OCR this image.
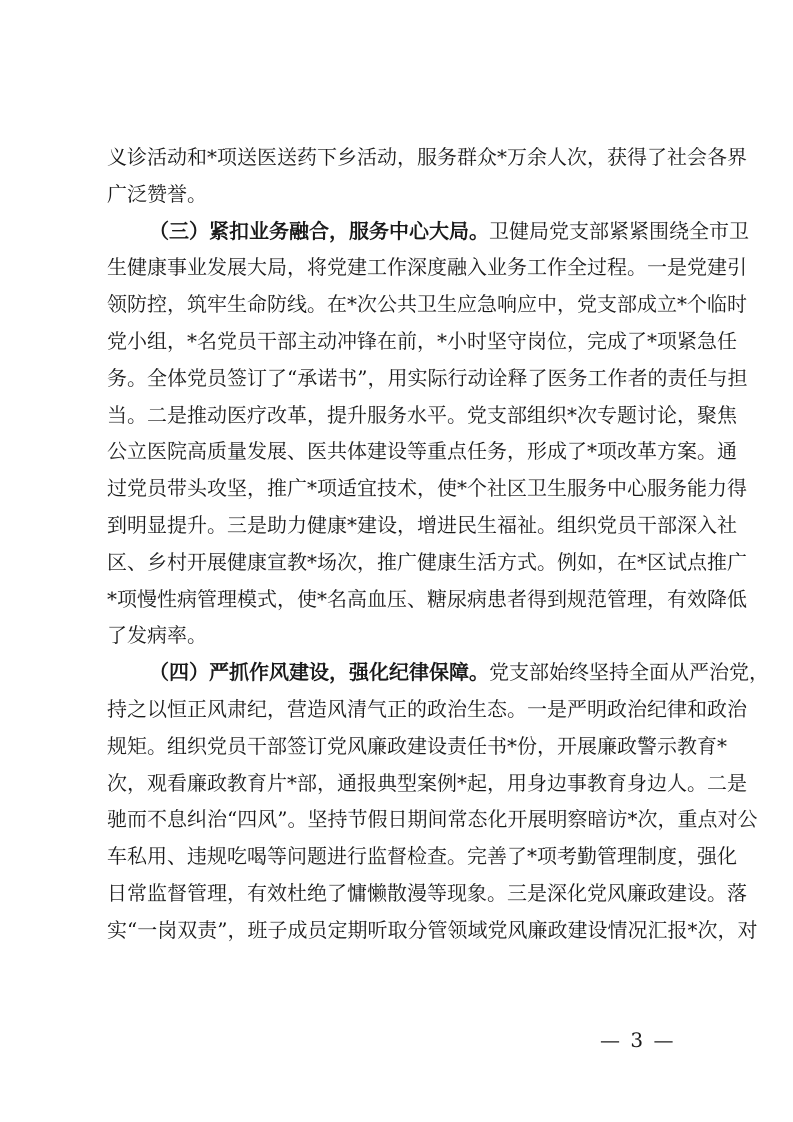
义诊活动和*项送医送药下乡活动，服务群众*万余人次，获得了社会各界
广泛赞誉。
（三）紧扣业务融合，服务中心大局。卫健局党支部紧紧围绕全市卫
生健康事业发展大局，将党建工作深度融入业务工作全过程。一是党建引
领防控，筑牢生命防线。在*次公共卫生应急响应中，党支部成立*个临时
党小组，*名党员干部主动冲锋在前，*小时坚守岗位，完成了*项紧急任
务。全体党员签订了“承诺书”，用实际行动诠释了医务工作者的责任与担
当。二是推动医疗改革，提升服务水平。党支部组织*次专题讨论，聚焦
公立医院高质量发展、医共体建设等重点任务，形成了*项改革方案。通
过党员带头攻坚，推广*项适宜技术，使*个社区卫生服务中心服务能力得
到明显提升。三是助力健康*建设，增进民生福祉。组织党员干部深入社
区、乡村开展健康宣教*场次，推广健康生活方式。例如，在*区试点推广
*项慢性病管理模式，使*名高血压、糖尿病患者得到规范管理，有效降低
了发病率。
（四）严抓作风建设，强化纪律保障。党支部始终坚持全面从严治党，
持之以恒正风肃纪，营造风清气正的政治生态。一是严明政治纪律和政治
规矩。组织党员干部签订党风廉政建设责任书*份，开展廉政警示教育*
次，观看廉政教育片*部，通报典型案例*起，用身边事教育身边人。二是
驰而不息纠治“四风”。坚持节假日期间常态化开展明察暗访*次，重点对公
车私用、违规吃喝等问题进行监督检查。完善了*项考勤管理制度，强化
日常监督管理，有效杜绝了慵懒散漫等现象。三是深化党风廉政建设。落
实“一岗双责”，班子成员定期听取分管领域党风廉政建设情况汇报*次，对
— 3 —
